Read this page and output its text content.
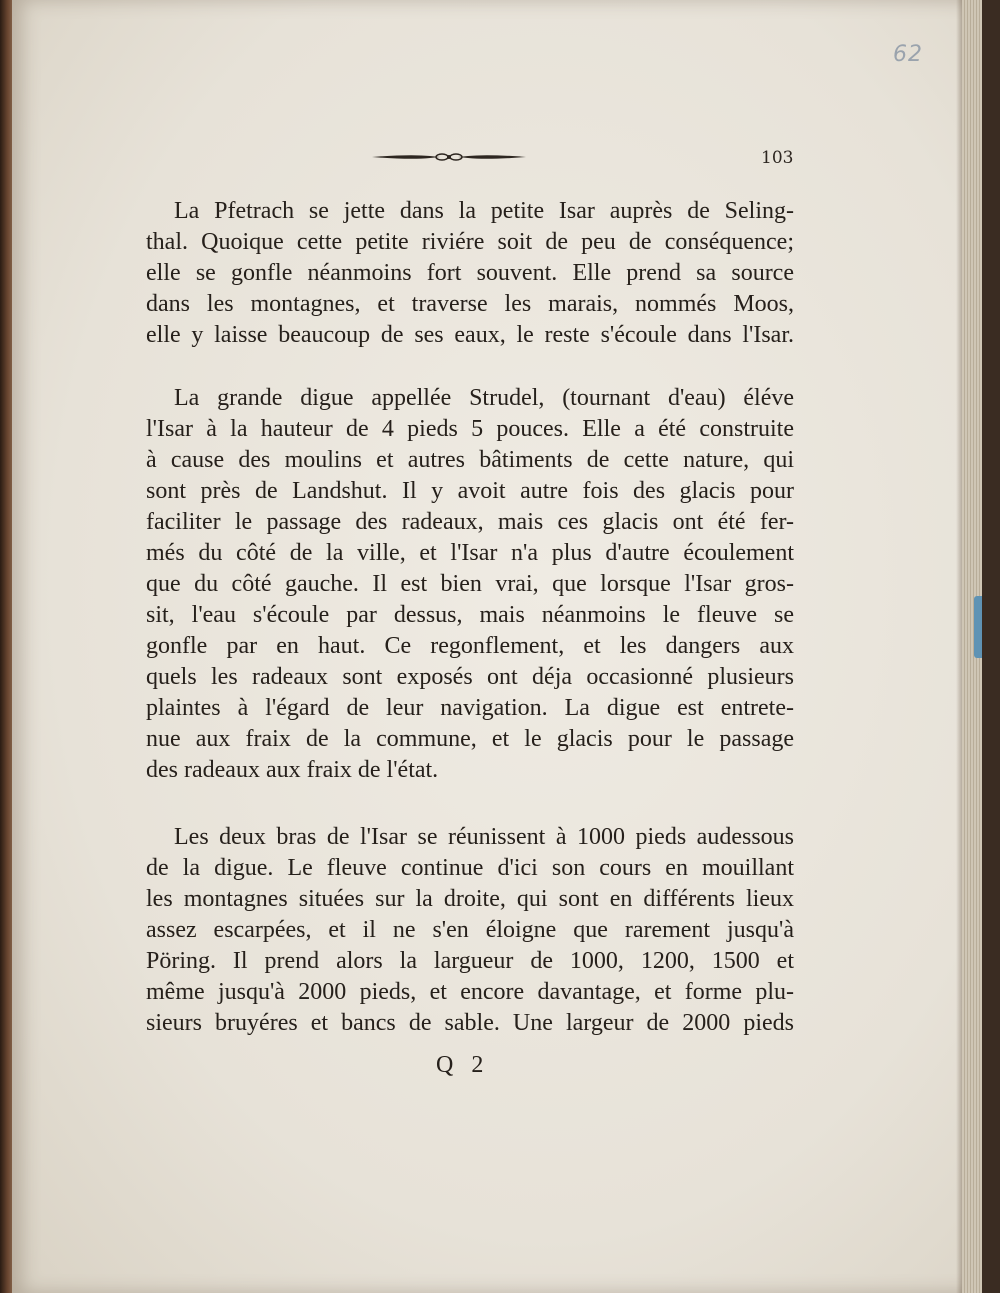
62
103

La Pfetrach se jette dans la petite Isar auprès de Seling-
thal. Quoique cette petite riviére soit de peu de conséquence;
elle se gonfle néanmoins fort souvent. Elle prend sa source
dans les montagnes, et traverse les marais, nommés Moos,
elle y laisse beaucoup de ses eaux, le reste s'écoule dans l'Isar.

La grande digue appellée Strudel, (tournant d'eau) éléve
l'Isar à la hauteur de 4 pieds 5 pouces. Elle a été construite
à cause des moulins et autres bâtiments de cette nature, qui
sont près de Landshut. Il y avoit autre fois des glacis pour
faciliter le passage des radeaux, mais ces glacis ont été fer-
més du côté de la ville, et l'Isar n'a plus d'autre écoulement
que du côté gauche. Il est bien vrai, que lorsque l'Isar gros-
sit, l'eau s'écoule par dessus, mais néanmoins le fleuve se
gonfle par en haut. Ce regonflement, et les dangers aux
quels les radeaux sont exposés ont déja occasionné plusieurs
plaintes à l'égard de leur navigation. La digue est entrete-
nue aux fraix de la commune, et le glacis pour le passage
des radeaux aux fraix de l'état.

Les deux bras de l'Isar se réunissent à 1000 pieds audessous
de la digue. Le fleuve continue d'ici son cours en mouillant
les montagnes situées sur la droite, qui sont en différents lieux
assez escarpées, et il ne s'en éloigne que rarement jusqu'à
Pöring. Il prend alors la largueur de 1000, 1200, 1500 et
même jusqu'à 2000 pieds, et encore davantage, et forme plu-
sieurs bruyéres et bancs de sable. Une largeur de 2000 pieds

Q 2
